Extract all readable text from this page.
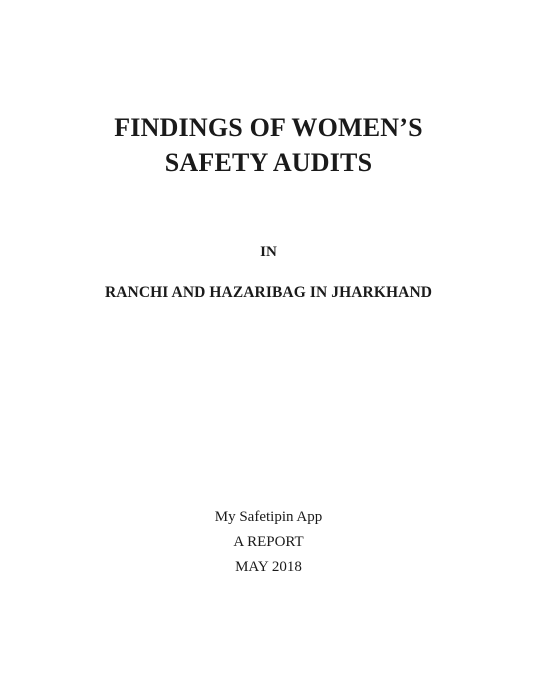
FINDINGS OF WOMEN’S
SAFETY AUDITS
IN
RANCHI AND HAZARIBAG IN JHARKHAND
My Safetipin App
A REPORT
MAY 2018
